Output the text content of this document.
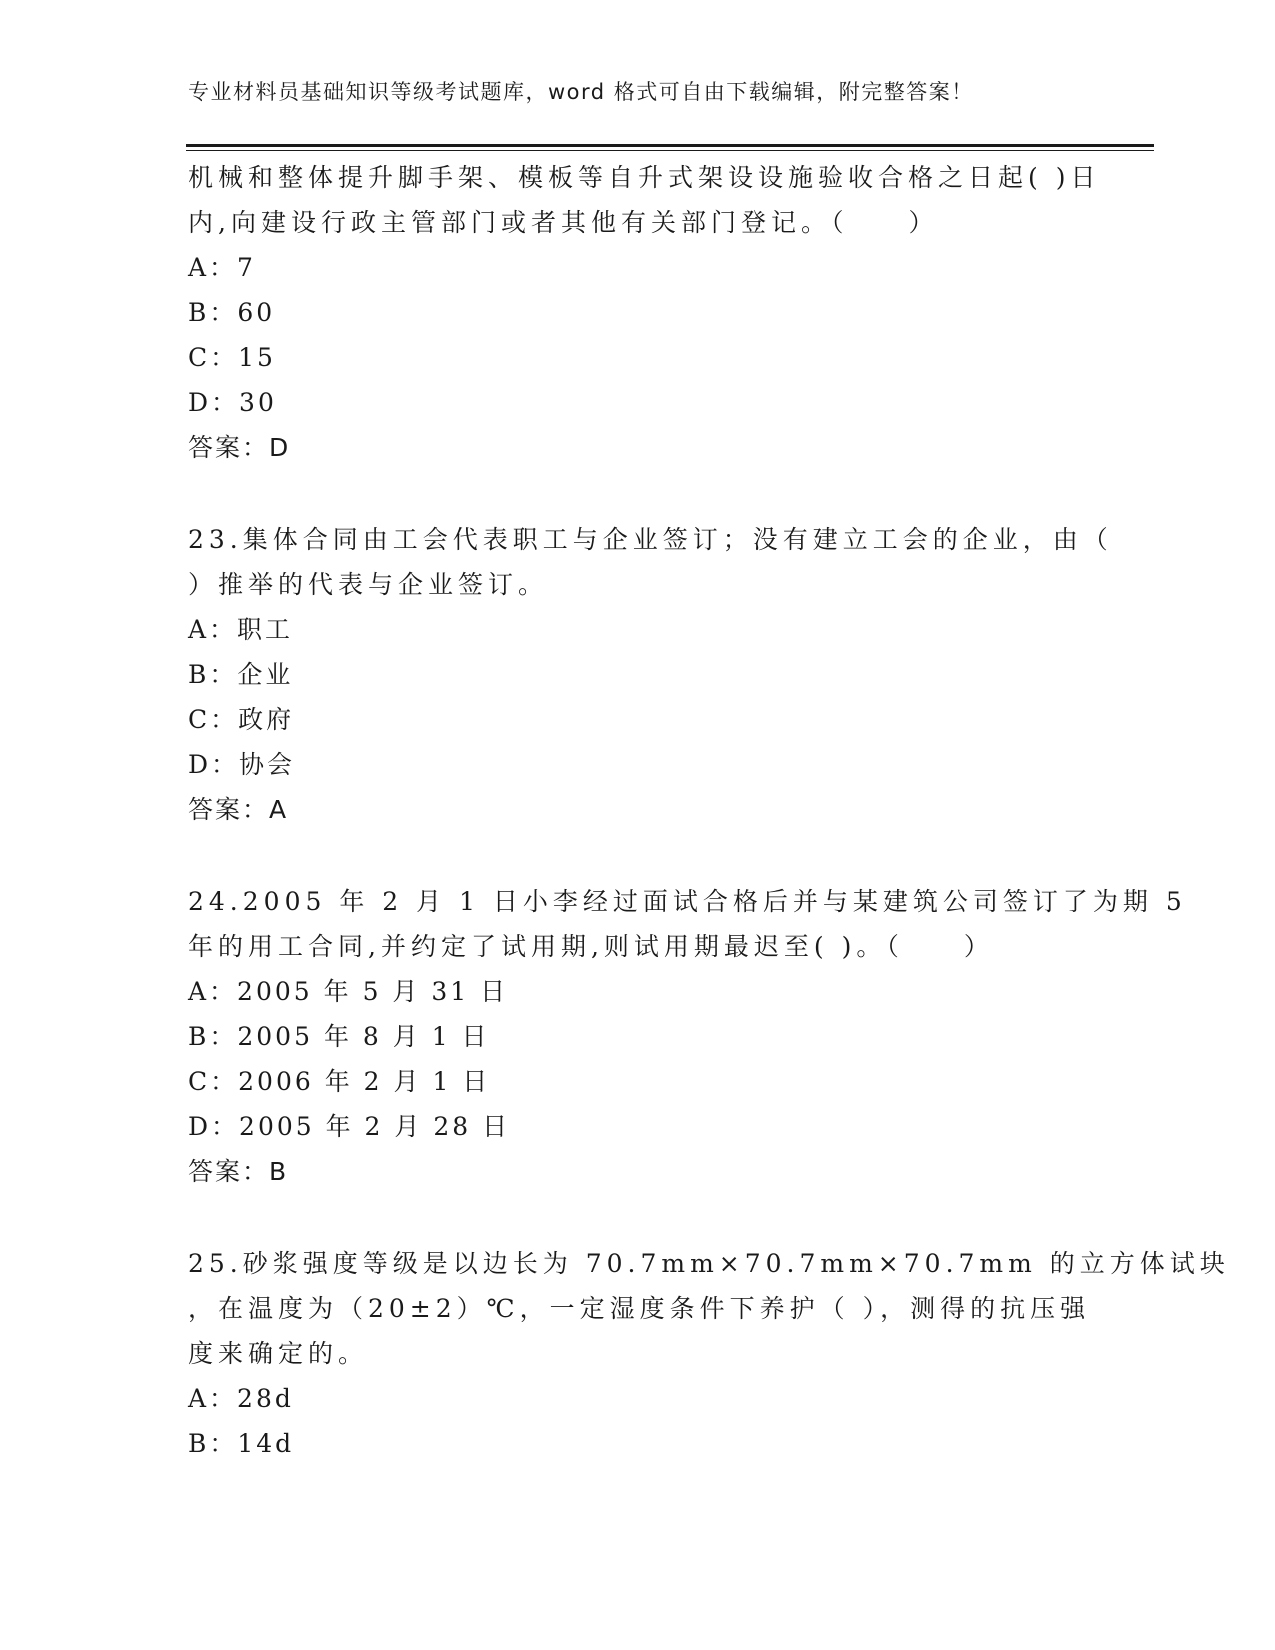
专业材料员基础知识等级考试题库，word 格式可自由下载编辑，附完整答案！
机械和整体提升脚手架、模板等自升式架设设施验收合格之日起( )日
内,向建设行政主管部门或者其他有关部门登记。（　　）
A：7
B：60
C：15
D：30
答案：D
23.集体合同由工会代表职工与企业签订；没有建立工会的企业，由（
）推举的代表与企业签订。
A：职工
B：企业
C：政府
D：协会
答案：A
24.2005 年 2 月 1 日小李经过面试合格后并与某建筑公司签订了为期 5
年的用工合同,并约定了试用期,则试用期最迟至( )。（　　）
A：2005 年 5 月 31 日
B：2005 年 8 月 1 日
C：2006 年 2 月 1 日
D：2005 年 2 月 28 日
答案：B
25.砂浆强度等级是以边长为 70.7mm×70.7mm×70.7mm 的立方体试块
，在温度为（20±2）℃，一定湿度条件下养护（ ），测得的抗压强
度来确定的。
A：28d
B：14d
